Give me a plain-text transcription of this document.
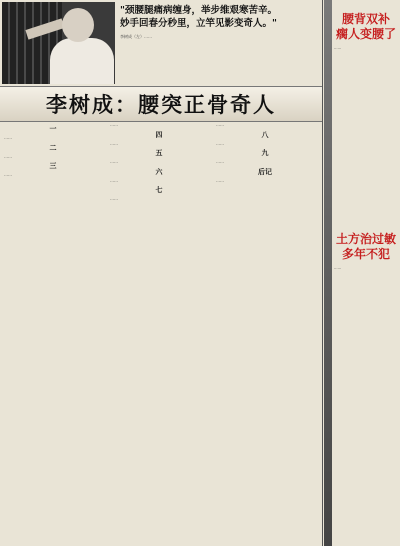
"颈腰腿痛病缠身，举步维艰寒苦辛。
妙手回春分秒里，立竿见影变奇人。"
李树成（左）……
李树成：腰突正骨奇人
一
……
二
……
三
……
……
四
……
五
……
六
……
七
……
……
八
……
九
……
后记
……
腰背双补
瘸人变腰了
……
土方治过敏
多年不犯
……
